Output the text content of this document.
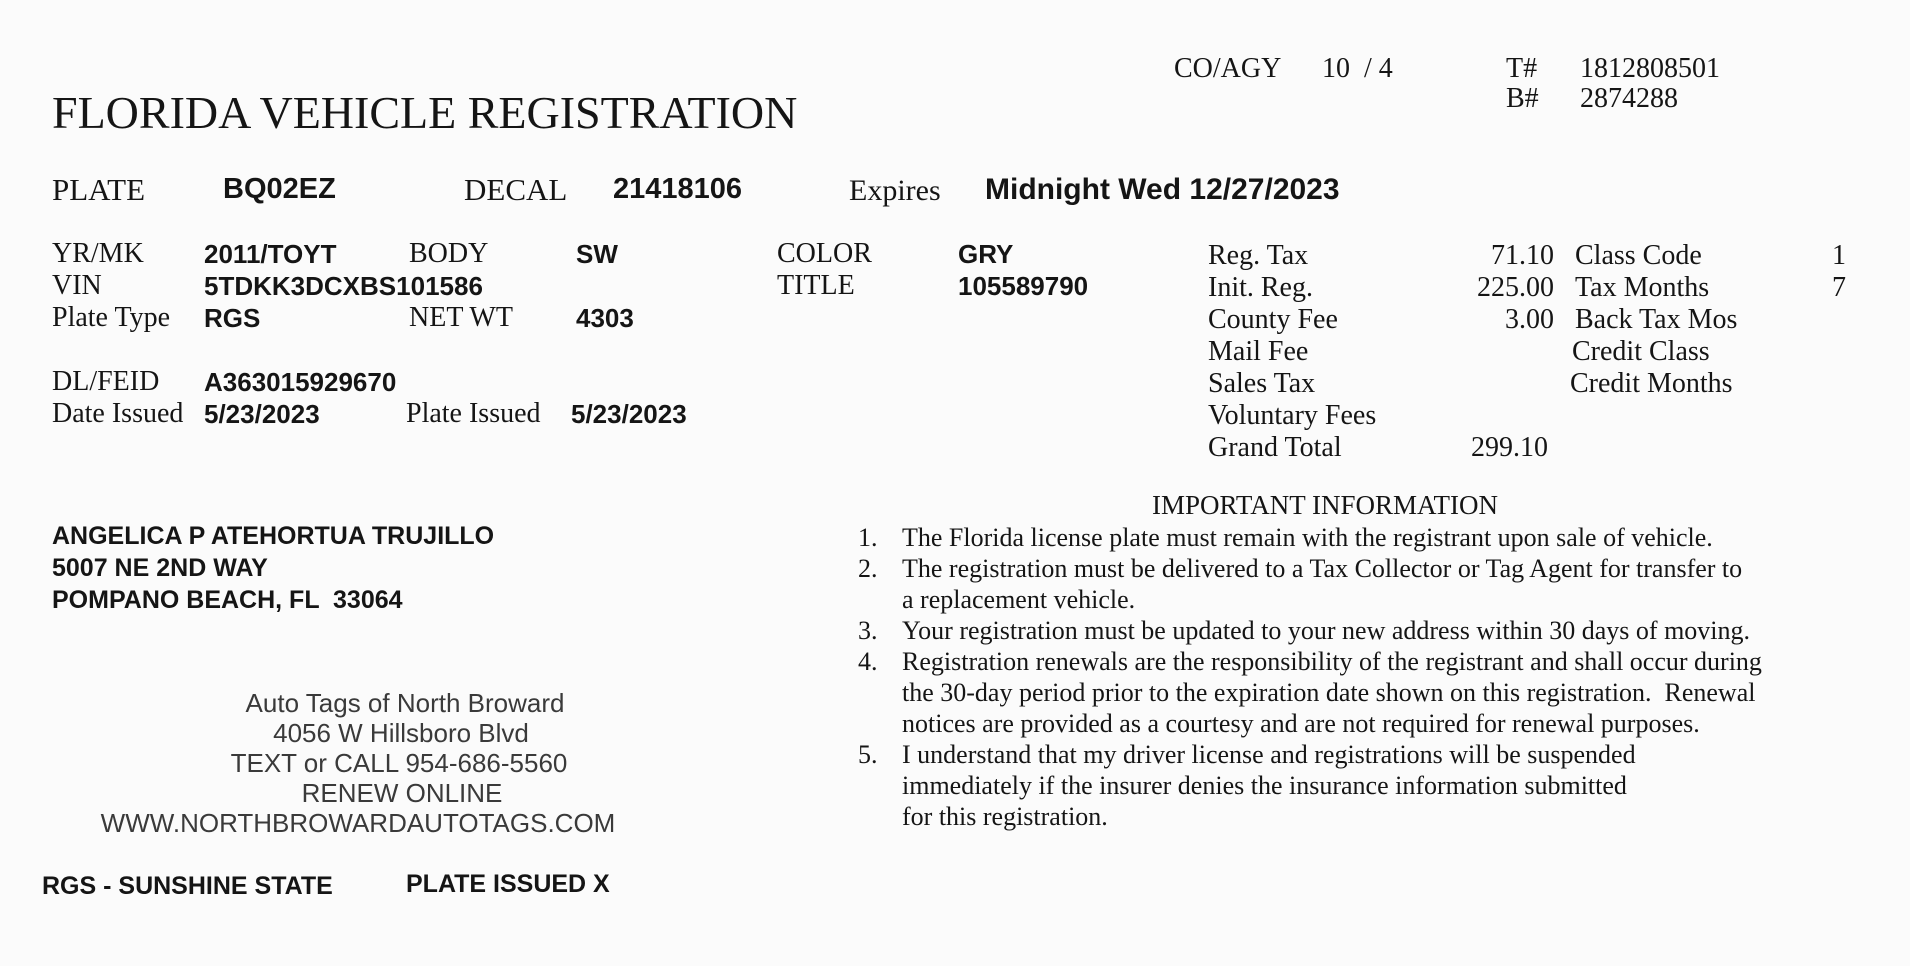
FLORIDA VEHICLE REGISTRATION
CO/AGY 10  / 4	T# 1812808501
B# 2874288
PLATE	BQ02EZ	DECAL 21418106	Expires Midnight Wed 12/27/2023
YR/MK 2011/TOYT	BODY	SW	COLOR	GRY
VIN	5TDKK3DCXBS101586	TITLE	105589790
Plate Type RGS	NET WT 4303
DL/FEID A363015929670
Date Issued 5/23/2023	Plate Issued 5/23/2023
Reg. Tax	71.10
Init. Reg.	225.00
County Fee	3.00
Mail Fee
Sales Tax
Voluntary Fees
Grand Total	299.10
Class Code	1
Tax Months	7
Back Tax Mos
Credit Class
Credit Months
ANGELICA P ATEHORTUA TRUJILLO
5007 NE 2ND WAY
POMPANO BEACH, FL  33064
Auto Tags of North Broward
4056 W Hillsboro Blvd
TEXT or CALL 954-686-5560
RENEW ONLINE
WWW.NORTHBROWARDAUTOTAGS.COM
RGS - SUNSHINE STATE	PLATE ISSUED X
IMPORTANT INFORMATION
1. The Florida license plate must remain with the registrant upon sale of vehicle.
2. The registration must be delivered to a Tax Collector or Tag Agent for transfer to
a replacement vehicle.
3. Your registration must be updated to your new address within 30 days of moving.
4. Registration renewals are the responsibility of the registrant and shall occur during
the 30-day period prior to the expiration date shown on this registration.  Renewal
notices are provided as a courtesy and are not required for renewal purposes.
5. I understand that my driver license and registrations will be suspended
immediately if the insurer denies the insurance information submitted
for this registration.
